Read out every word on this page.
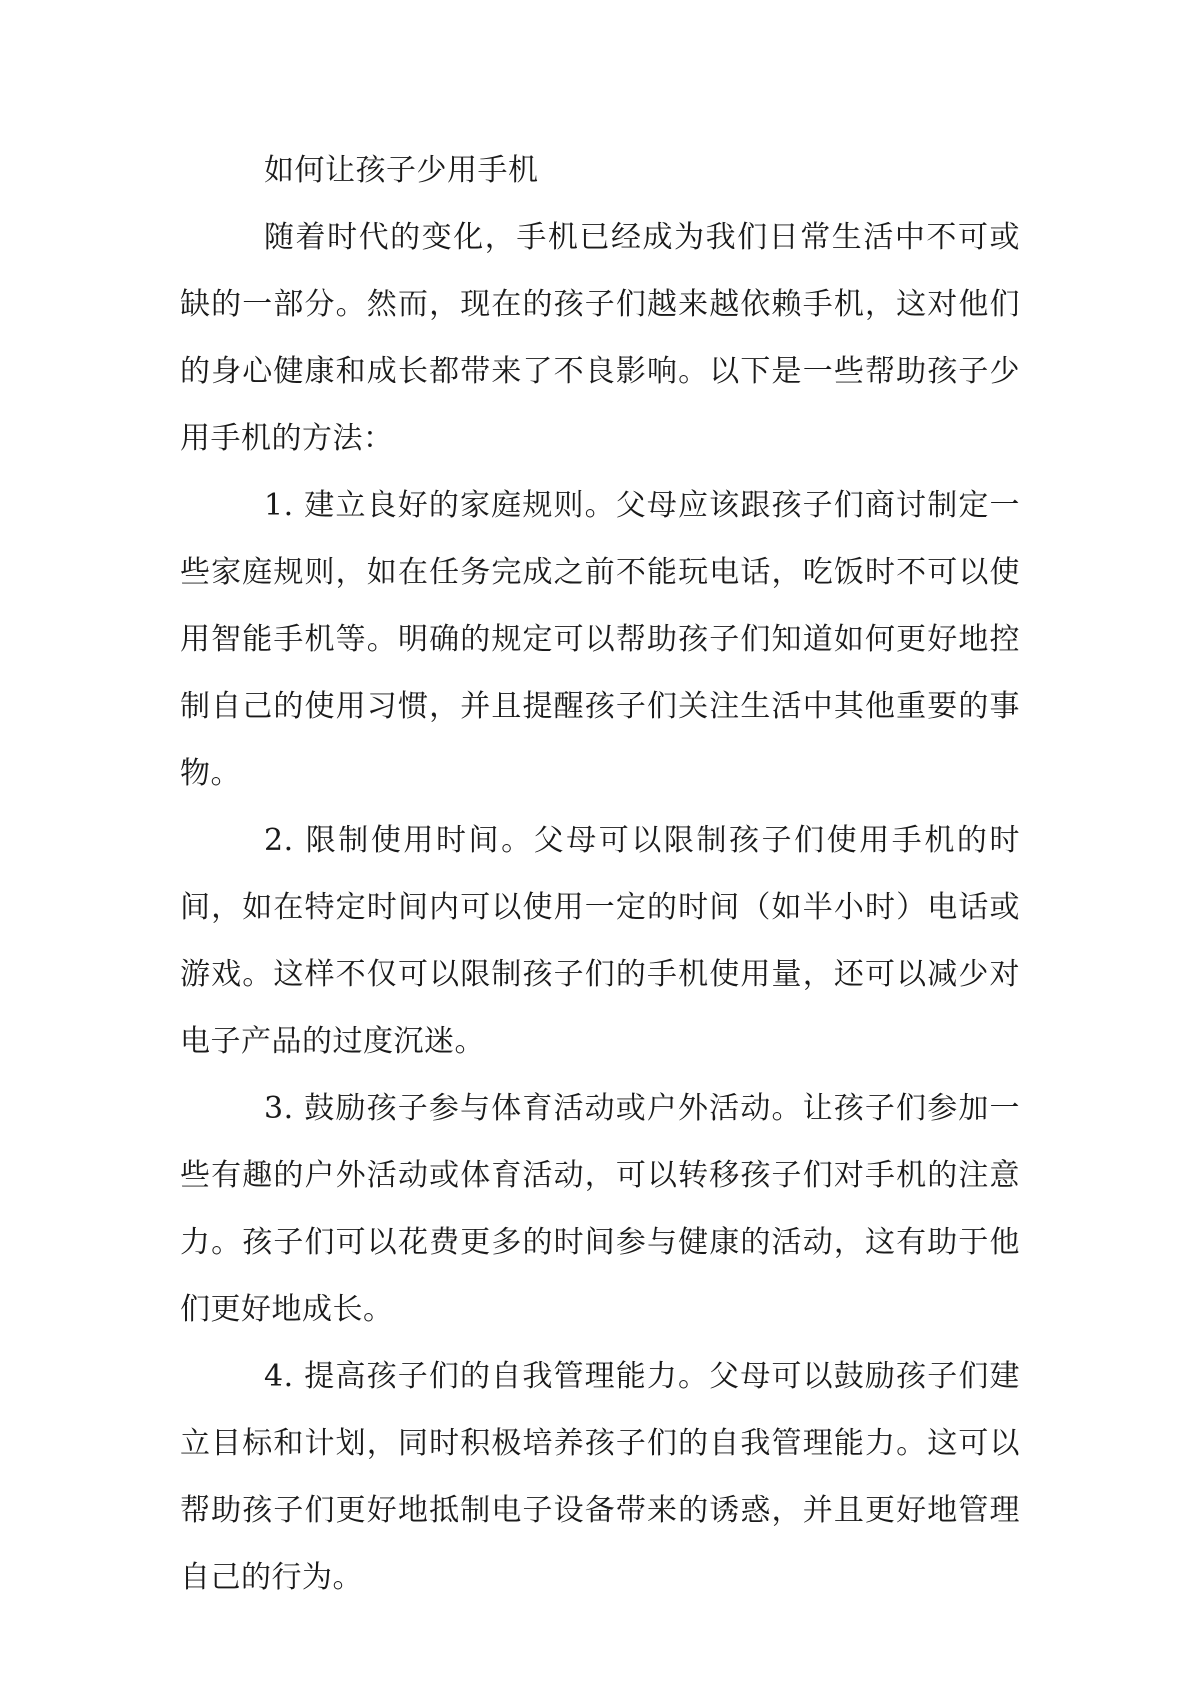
如何让孩子少用手机

随着时代的变化，手机已经成为我们日常生活中不可或缺的一部分。然而，现在的孩子们越来越依赖手机，这对他们的身心健康和成长都带来了不良影响。以下是一些帮助孩子少用手机的方法：

1. 建立良好的家庭规则。父母应该跟孩子们商讨制定一些家庭规则，如在任务完成之前不能玩电话，吃饭时不可以使用智能手机等。明确的规定可以帮助孩子们知道如何更好地控制自己的使用习惯，并且提醒孩子们关注生活中其他重要的事物。

2. 限制使用时间。父母可以限制孩子们使用手机的时间，如在特定时间内可以使用一定的时间（如半小时）电话或游戏。这样不仅可以限制孩子们的手机使用量，还可以减少对电子产品的过度沉迷。

3. 鼓励孩子参与体育活动或户外活动。让孩子们参加一些有趣的户外活动或体育活动，可以转移孩子们对手机的注意力。孩子们可以花费更多的时间参与健康的活动，这有助于他们更好地成长。

4. 提高孩子们的自我管理能力。父母可以鼓励孩子们建立目标和计划，同时积极培养孩子们的自我管理能力。这可以帮助孩子们更好地抵制电子设备带来的诱惑，并且更好地管理自己的行为。
